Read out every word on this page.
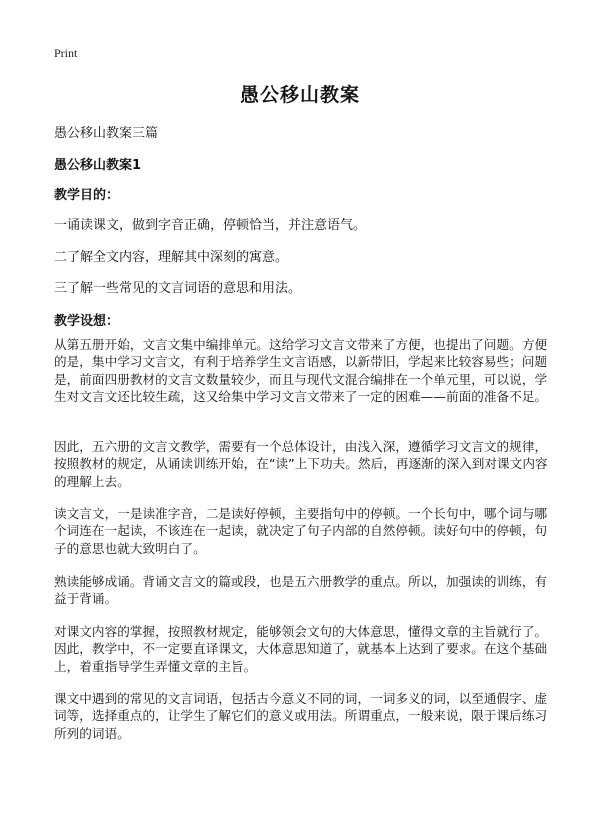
Print
愚公移山教案
愚公移山教案三篇
愚公移山教案1
教学目的：
一诵读课文，做到字音正确，停顿恰当，并注意语气。
二了解全文内容，理解其中深刻的寓意。
三了解一些常见的文言词语的意思和用法。
教学设想：
从第五册开始，文言文集中编排单元。这给学习文言文带来了方便，也提出了问题。方便的是，集中学习文言文，有利于培养学生文言语感，以新带旧，学起来比较容易些；问题是，前面四册教材的文言文数量较少，而且与现代文混合编排在一个单元里，可以说，学生对文言文还比较生疏，这又给集中学习文言文带来了一定的困难——前面的准备不足。
因此，五六册的文言文教学，需要有一个总体设计，由浅入深，遵循学习文言文的规律，按照教材的规定，从诵读训练开始，在“读”上下功夫。然后，再逐渐的深入到对课文内容的理解上去。
读文言文，一是读准字音，二是读好停顿，主要指句中的停顿。一个长句中，哪个词与哪个词连在一起读，不该连在一起读，就决定了句子内部的自然停顿。读好句中的停顿，句子的意思也就大致明白了。
熟读能够成诵。背诵文言文的篇或段，也是五六册教学的重点。所以，加强读的训练，有益于背诵。
对课文内容的掌握，按照教材规定，能够领会文句的大体意思，懂得文章的主旨就行了。因此，教学中，不一定要直译课文，大体意思知道了，就基本上达到了要求。在这个基础上，着重指导学生弄懂文章的主旨。
课文中遇到的常见的文言词语，包括古今意义不同的词，一词多义的词，以至通假字、虚词等，选择重点的，让学生了解它们的意义或用法。所谓重点，一般来说，限于课后练习所列的词语。
